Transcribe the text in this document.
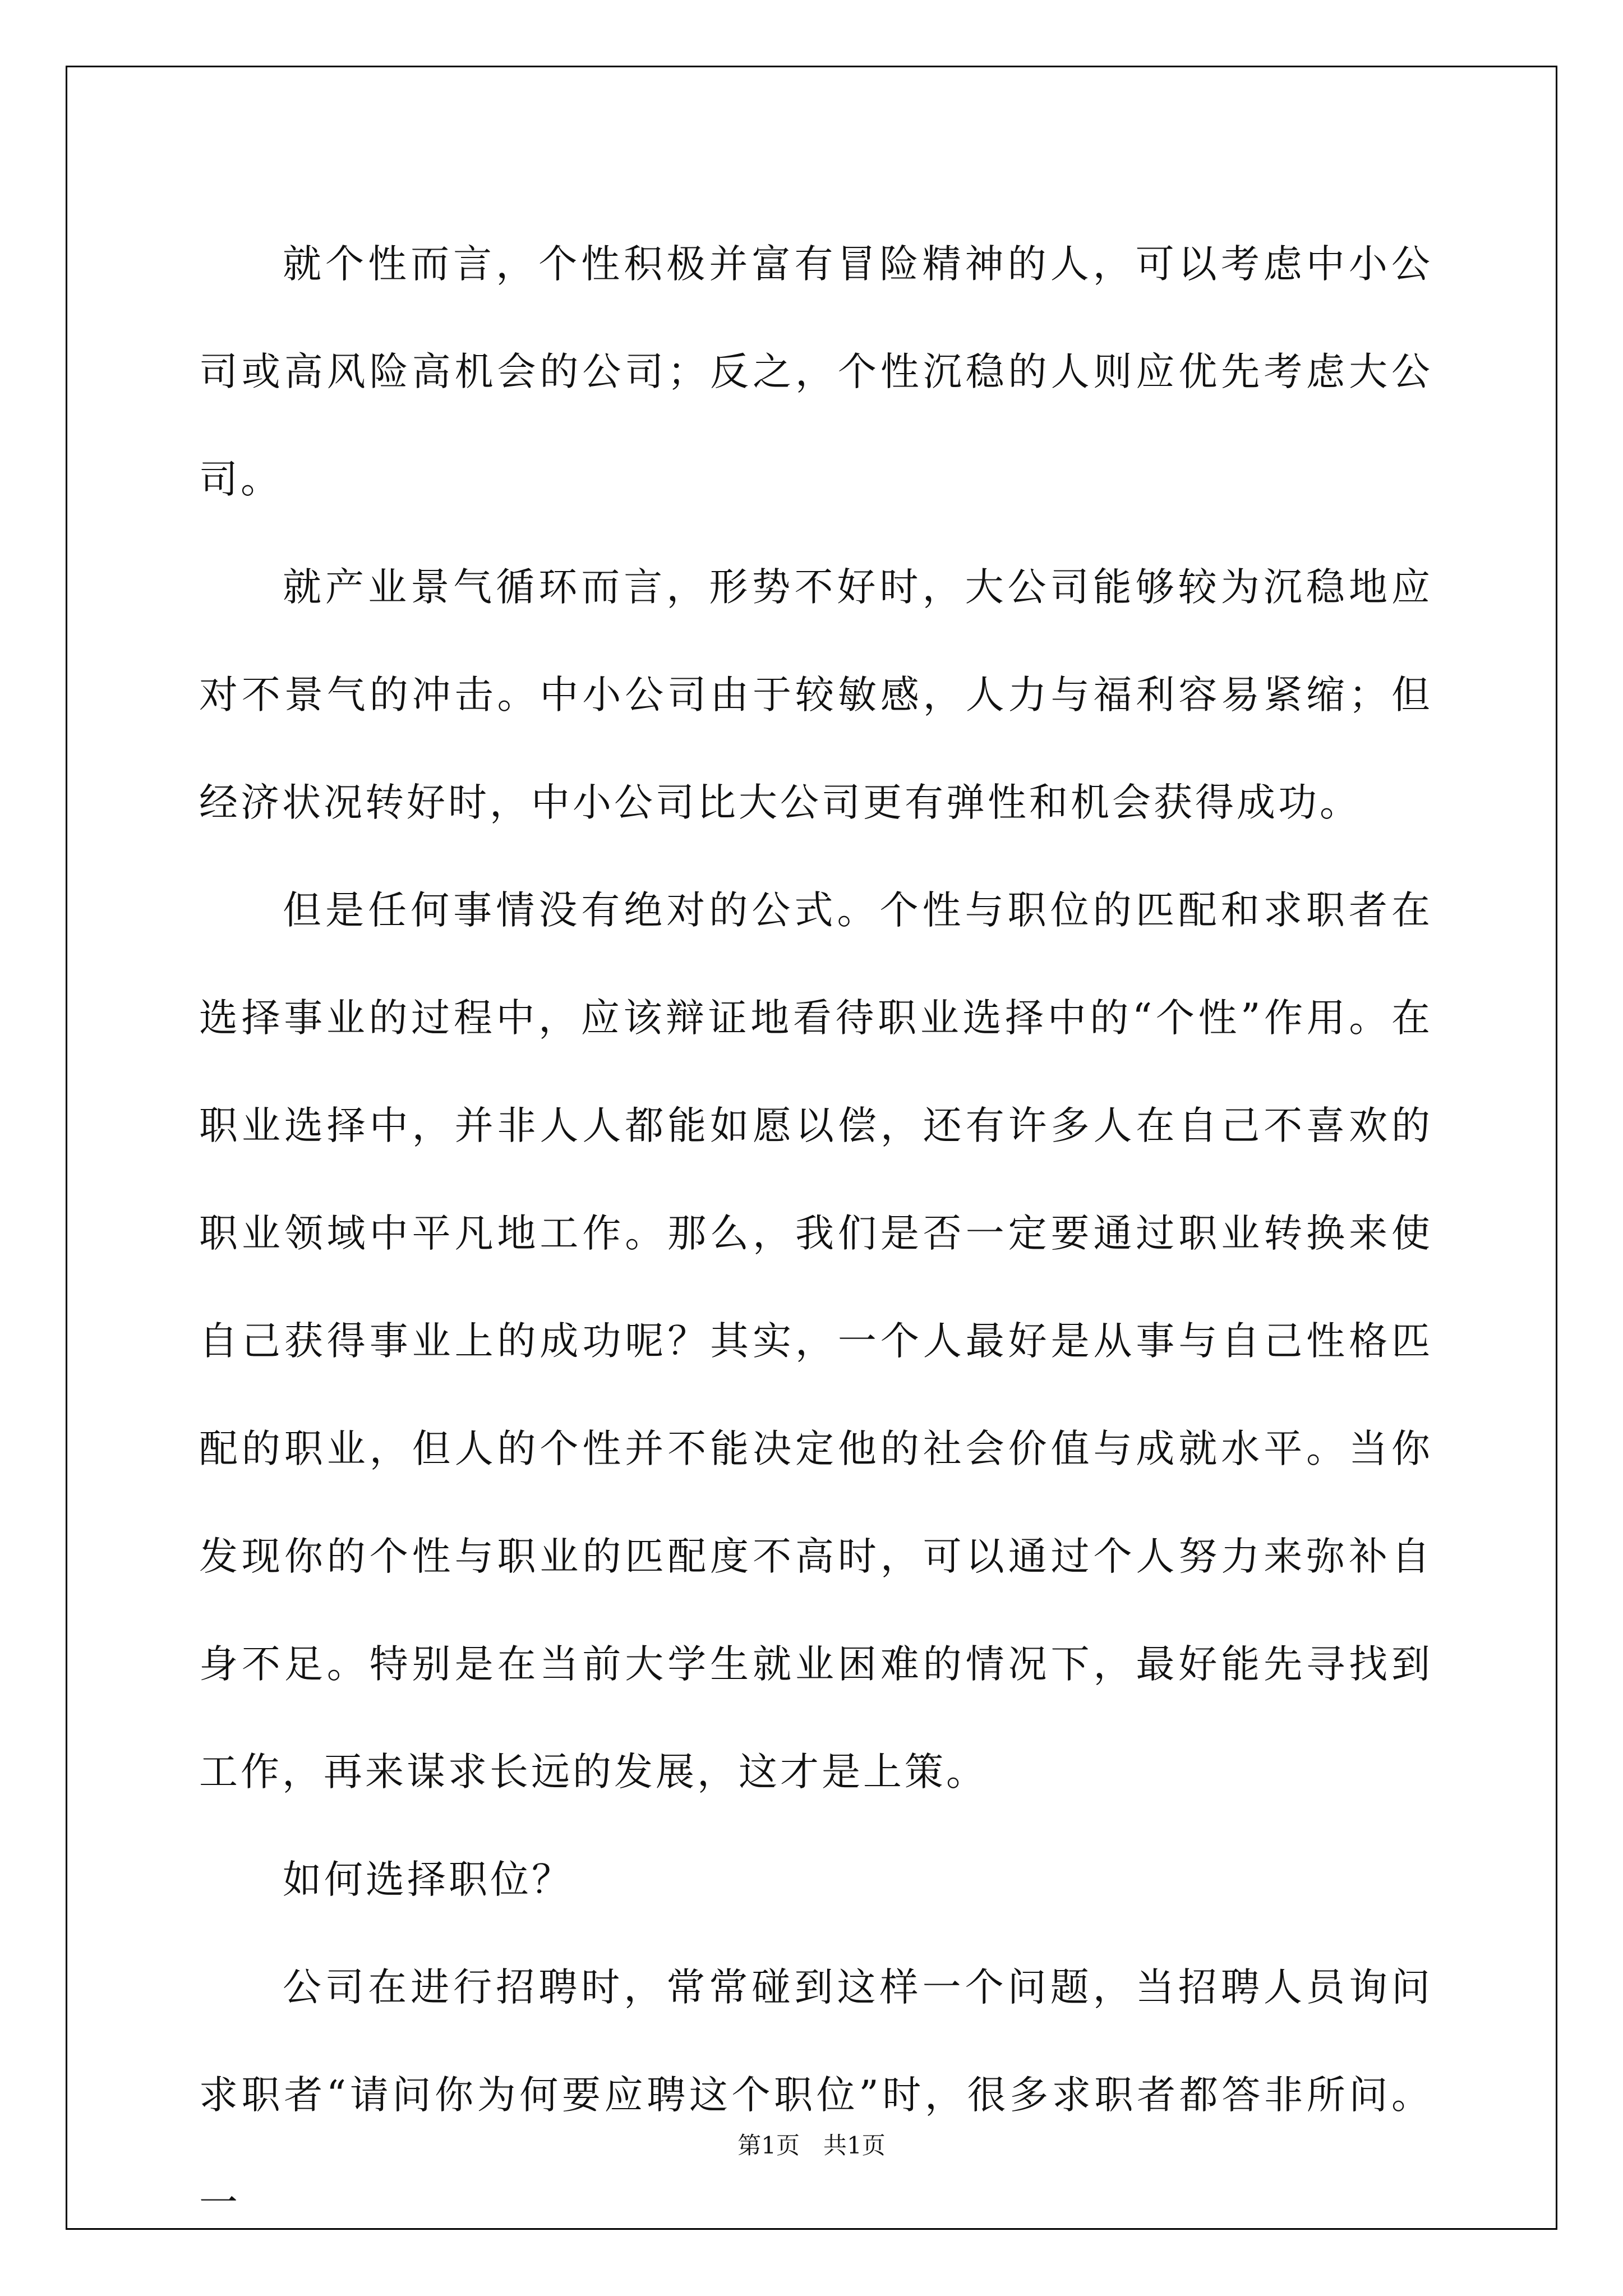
就个性而言，个性积极并富有冒险精神的人，可以考虑中小公司或高风险高机会的公司；反之，个性沉稳的人则应优先考虑大公司。

就产业景气循环而言，形势不好时，大公司能够较为沉稳地应对不景气的冲击。中小公司由于较敏感，人力与福利容易紧缩；但经济状况转好时，中小公司比大公司更有弹性和机会获得成功。

但是任何事情没有绝对的公式。个性与职位的匹配和求职者在选择事业的过程中，应该辩证地看待职业选择中的“个性”作用。在职业选择中，并非人人都能如愿以偿，还有许多人在自己不喜欢的职业领域中平凡地工作。那么，我们是否一定要通过职业转换来使自己获得事业上的成功呢？其实，一个人最好是从事与自己性格匹配的职业，但人的个性并不能决定他的社会价值与成就水平。当你发现你的个性与职业的匹配度不高时，可以通过个人努力来弥补自身不足。特别是在当前大学生就业困难的情况下，最好能先寻找到工作，再来谋求长远的发展，这才是上策。

如何选择职位？

公司在进行招聘时，常常碰到这样一个问题，当招聘人员询问求职者“请问你为何要应聘这个职位”时，很多求职者都答非所问。一

第1页　共1页
